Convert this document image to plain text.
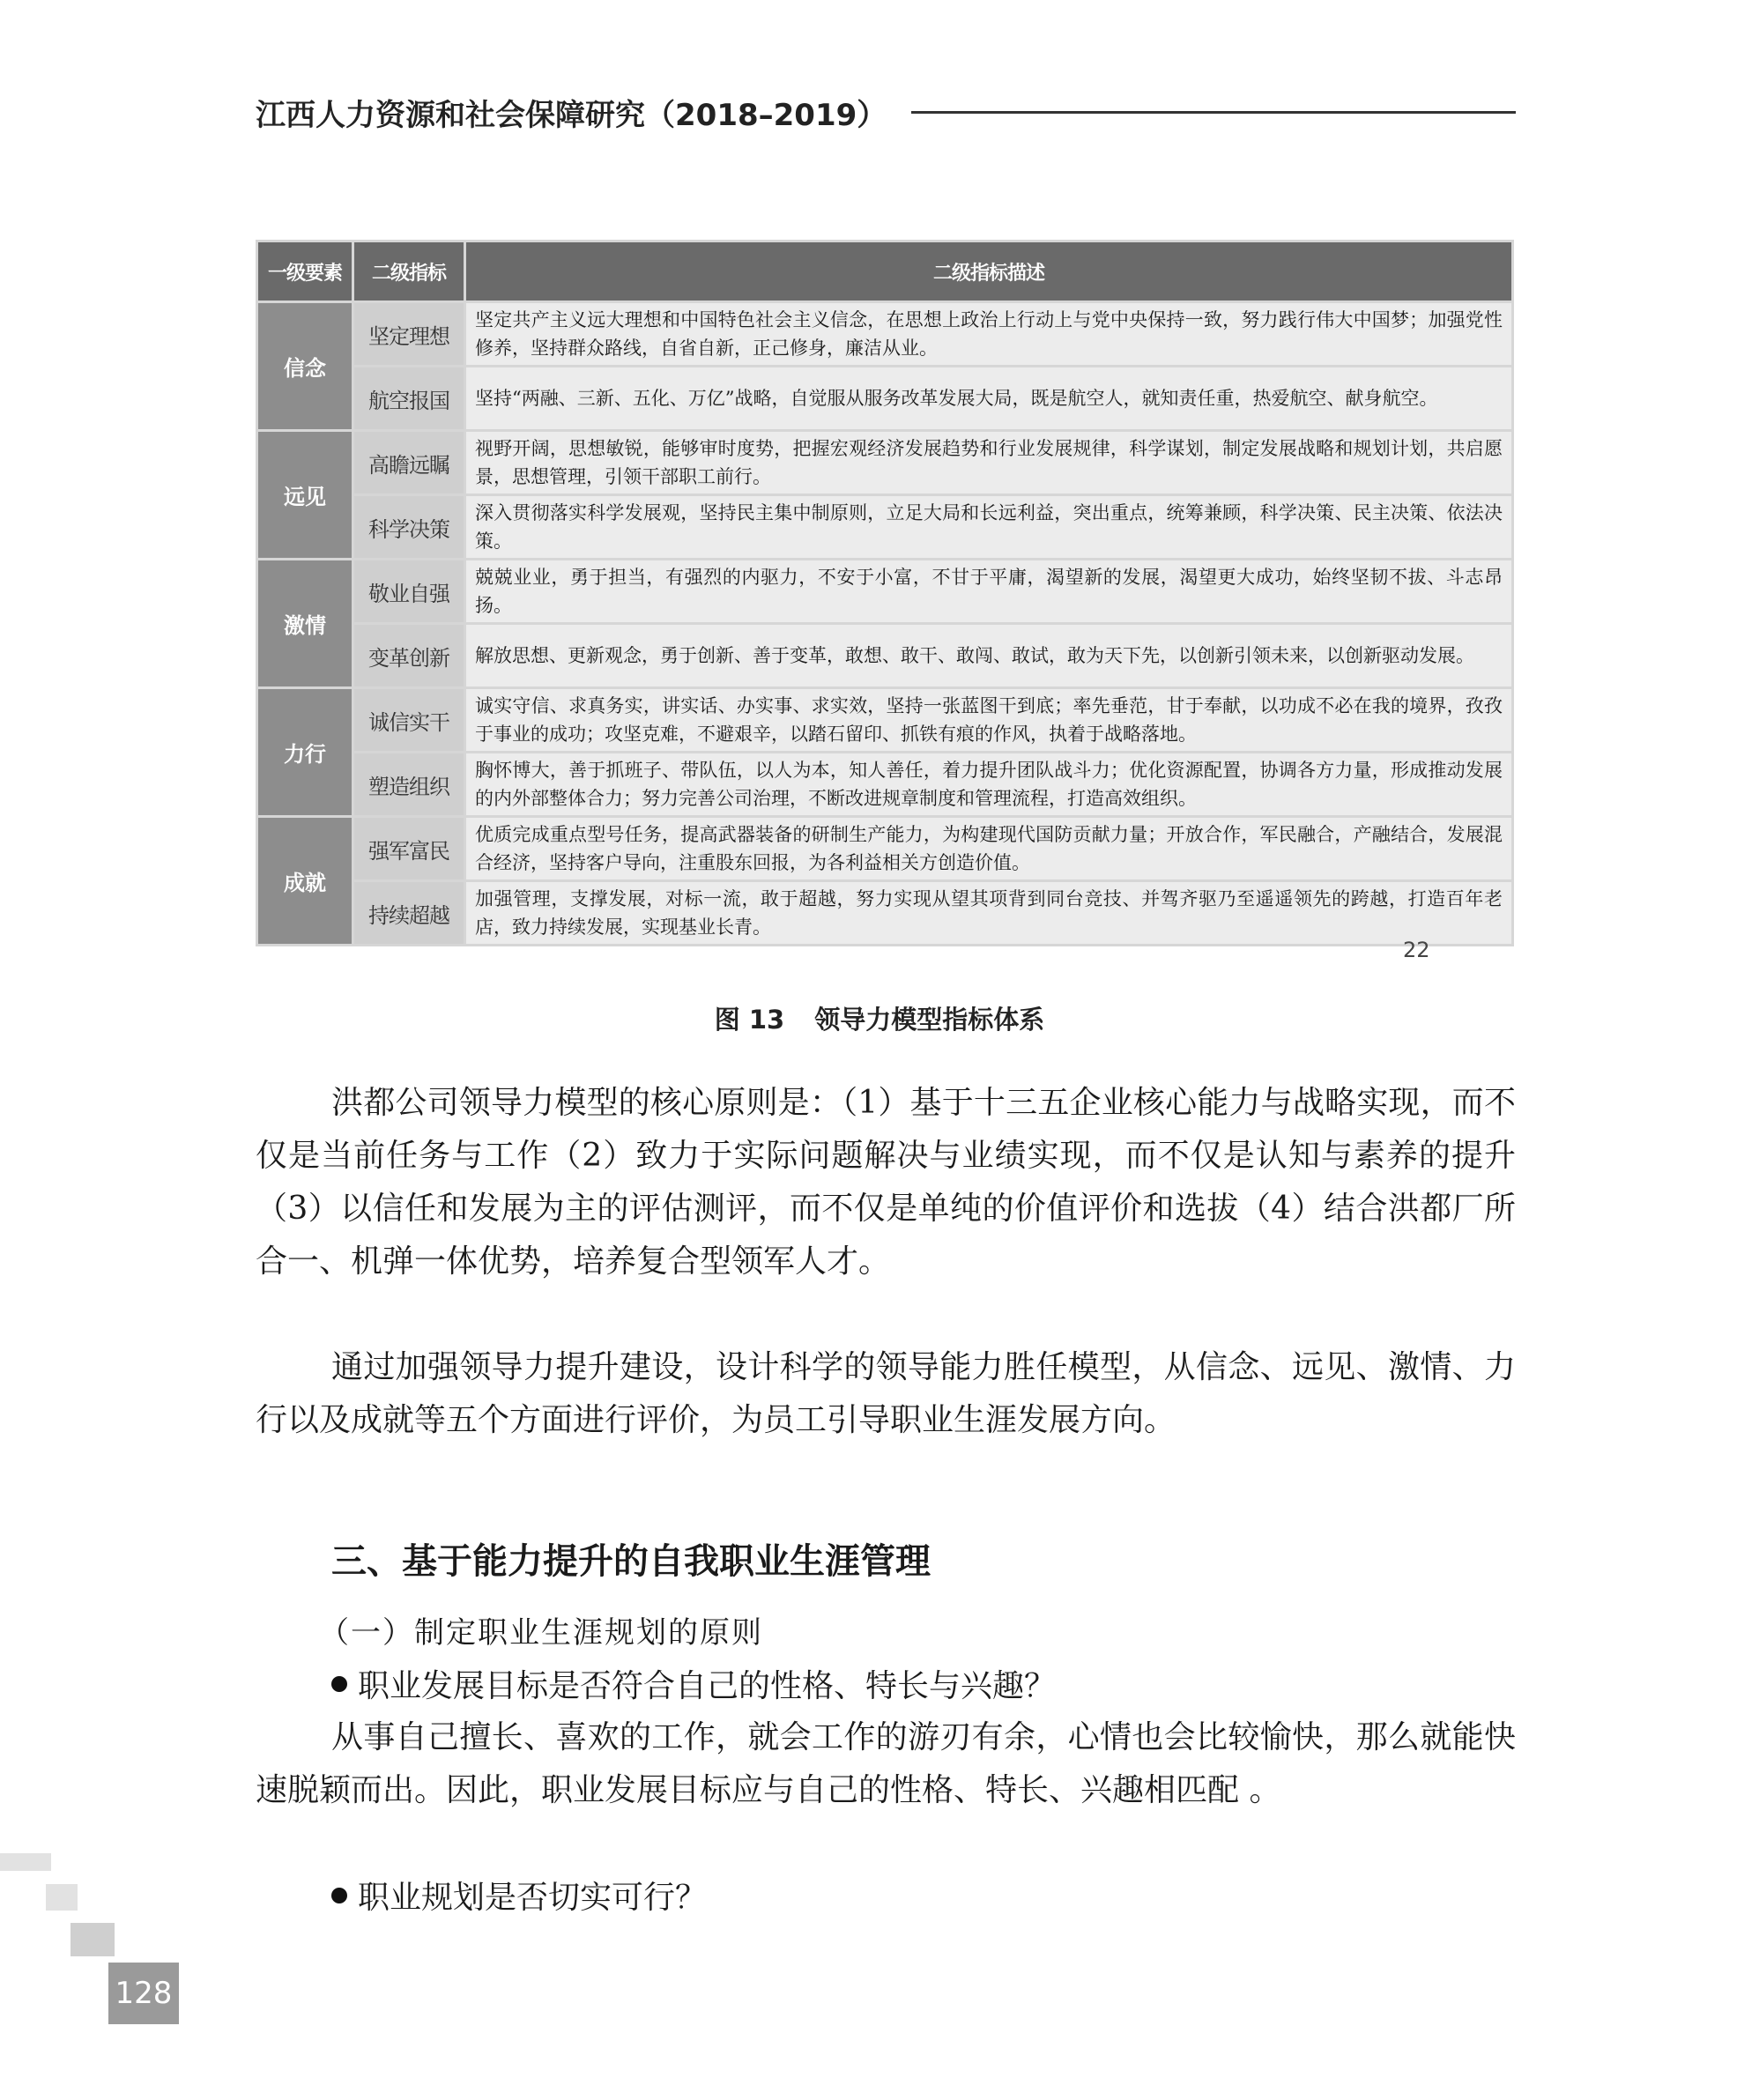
江西人力资源和社会保障研究（2018–2019）
一级要素	二级指标	二级指标描述
信念	坚定理想	坚定共产主义远大理想和中国特色社会主义信念，在思想上政治上行动上与党中央保持一致，努力践行伟大中国梦；加强党性修养，坚持群众路线，自省自新，正己修身，廉洁从业。
	航空报国	坚持“两融、三新、五化、万亿”战略，自觉服从服务改革发展大局，既是航空人，就知责任重，热爱航空、献身航空。
远见	高瞻远瞩	视野开阔，思想敏锐，能够审时度势，把握宏观经济发展趋势和行业发展规律，科学谋划，制定发展战略和规划计划，共启愿景，思想管理，引领干部职工前行。
	科学决策	深入贯彻落实科学发展观，坚持民主集中制原则，立足大局和长远利益，突出重点，统筹兼顾，科学决策、民主决策、依法决策。
激情	敬业自强	兢兢业业，勇于担当，有强烈的内驱力，不安于小富，不甘于平庸，渴望新的发展，渴望更大成功，始终坚韧不拔、斗志昂扬。
	变革创新	解放思想、更新观念，勇于创新、善于变革，敢想、敢干、敢闯、敢试，敢为天下先，以创新引领未来，以创新驱动发展。
力行	诚信实干	诚实守信、求真务实，讲实话、办实事、求实效，坚持一张蓝图干到底；率先垂范，甘于奉献，以功成不必在我的境界，孜孜于事业的成功；攻坚克难，不避艰辛，以踏石留印、抓铁有痕的作风，执着于战略落地。
	塑造组织	胸怀博大，善于抓班子、带队伍，以人为本，知人善任，着力提升团队战斗力；优化资源配置，协调各方力量，形成推动发展的内外部整体合力；努力完善公司治理，不断改进规章制度和管理流程，打造高效组织。
成就	强军富民	优质完成重点型号任务，提高武器装备的研制生产能力，为构建现代国防贡献力量；开放合作，军民融合，产融结合，发展混合经济，坚持客户导向，注重股东回报，为各利益相关方创造价值。
	持续超越	加强管理，支撑发展，对标一流，敢于超越，努力实现从望其项背到同台竞技、并驾齐驱乃至遥遥领先的跨越，打造百年老店，致力持续发展，实现基业长青。
22
图 13 领导力模型指标体系

洪都公司领导力模型的核心原则是：（1）基于十三五企业核心能力与战略实现，而不仅是当前任务与工作（2）致力于实际问题解决与业绩实现，而不仅是认知与素养的提升（3）以信任和发展为主的评估测评，而不仅是单纯的价值评价和选拔（4）结合洪都厂所合一、机弹一体优势，培养复合型领军人才。

通过加强领导力提升建设，设计科学的领导能力胜任模型，从信念、远见、激情、力行以及成就等五个方面进行评价，为员工引导职业生涯发展方向。

三、基于能力提升的自我职业生涯管理
（一）制定职业生涯规划的原则
职业发展目标是否符合自己的性格、特长与兴趣？

从事自己擅长、喜欢的工作，就会工作的游刃有余，心情也会比较愉快，那么就能快速脱颖而出。因此，职业发展目标应与自己的性格、特长、兴趣相匹配 。

职业规划是否切实可行？
128
